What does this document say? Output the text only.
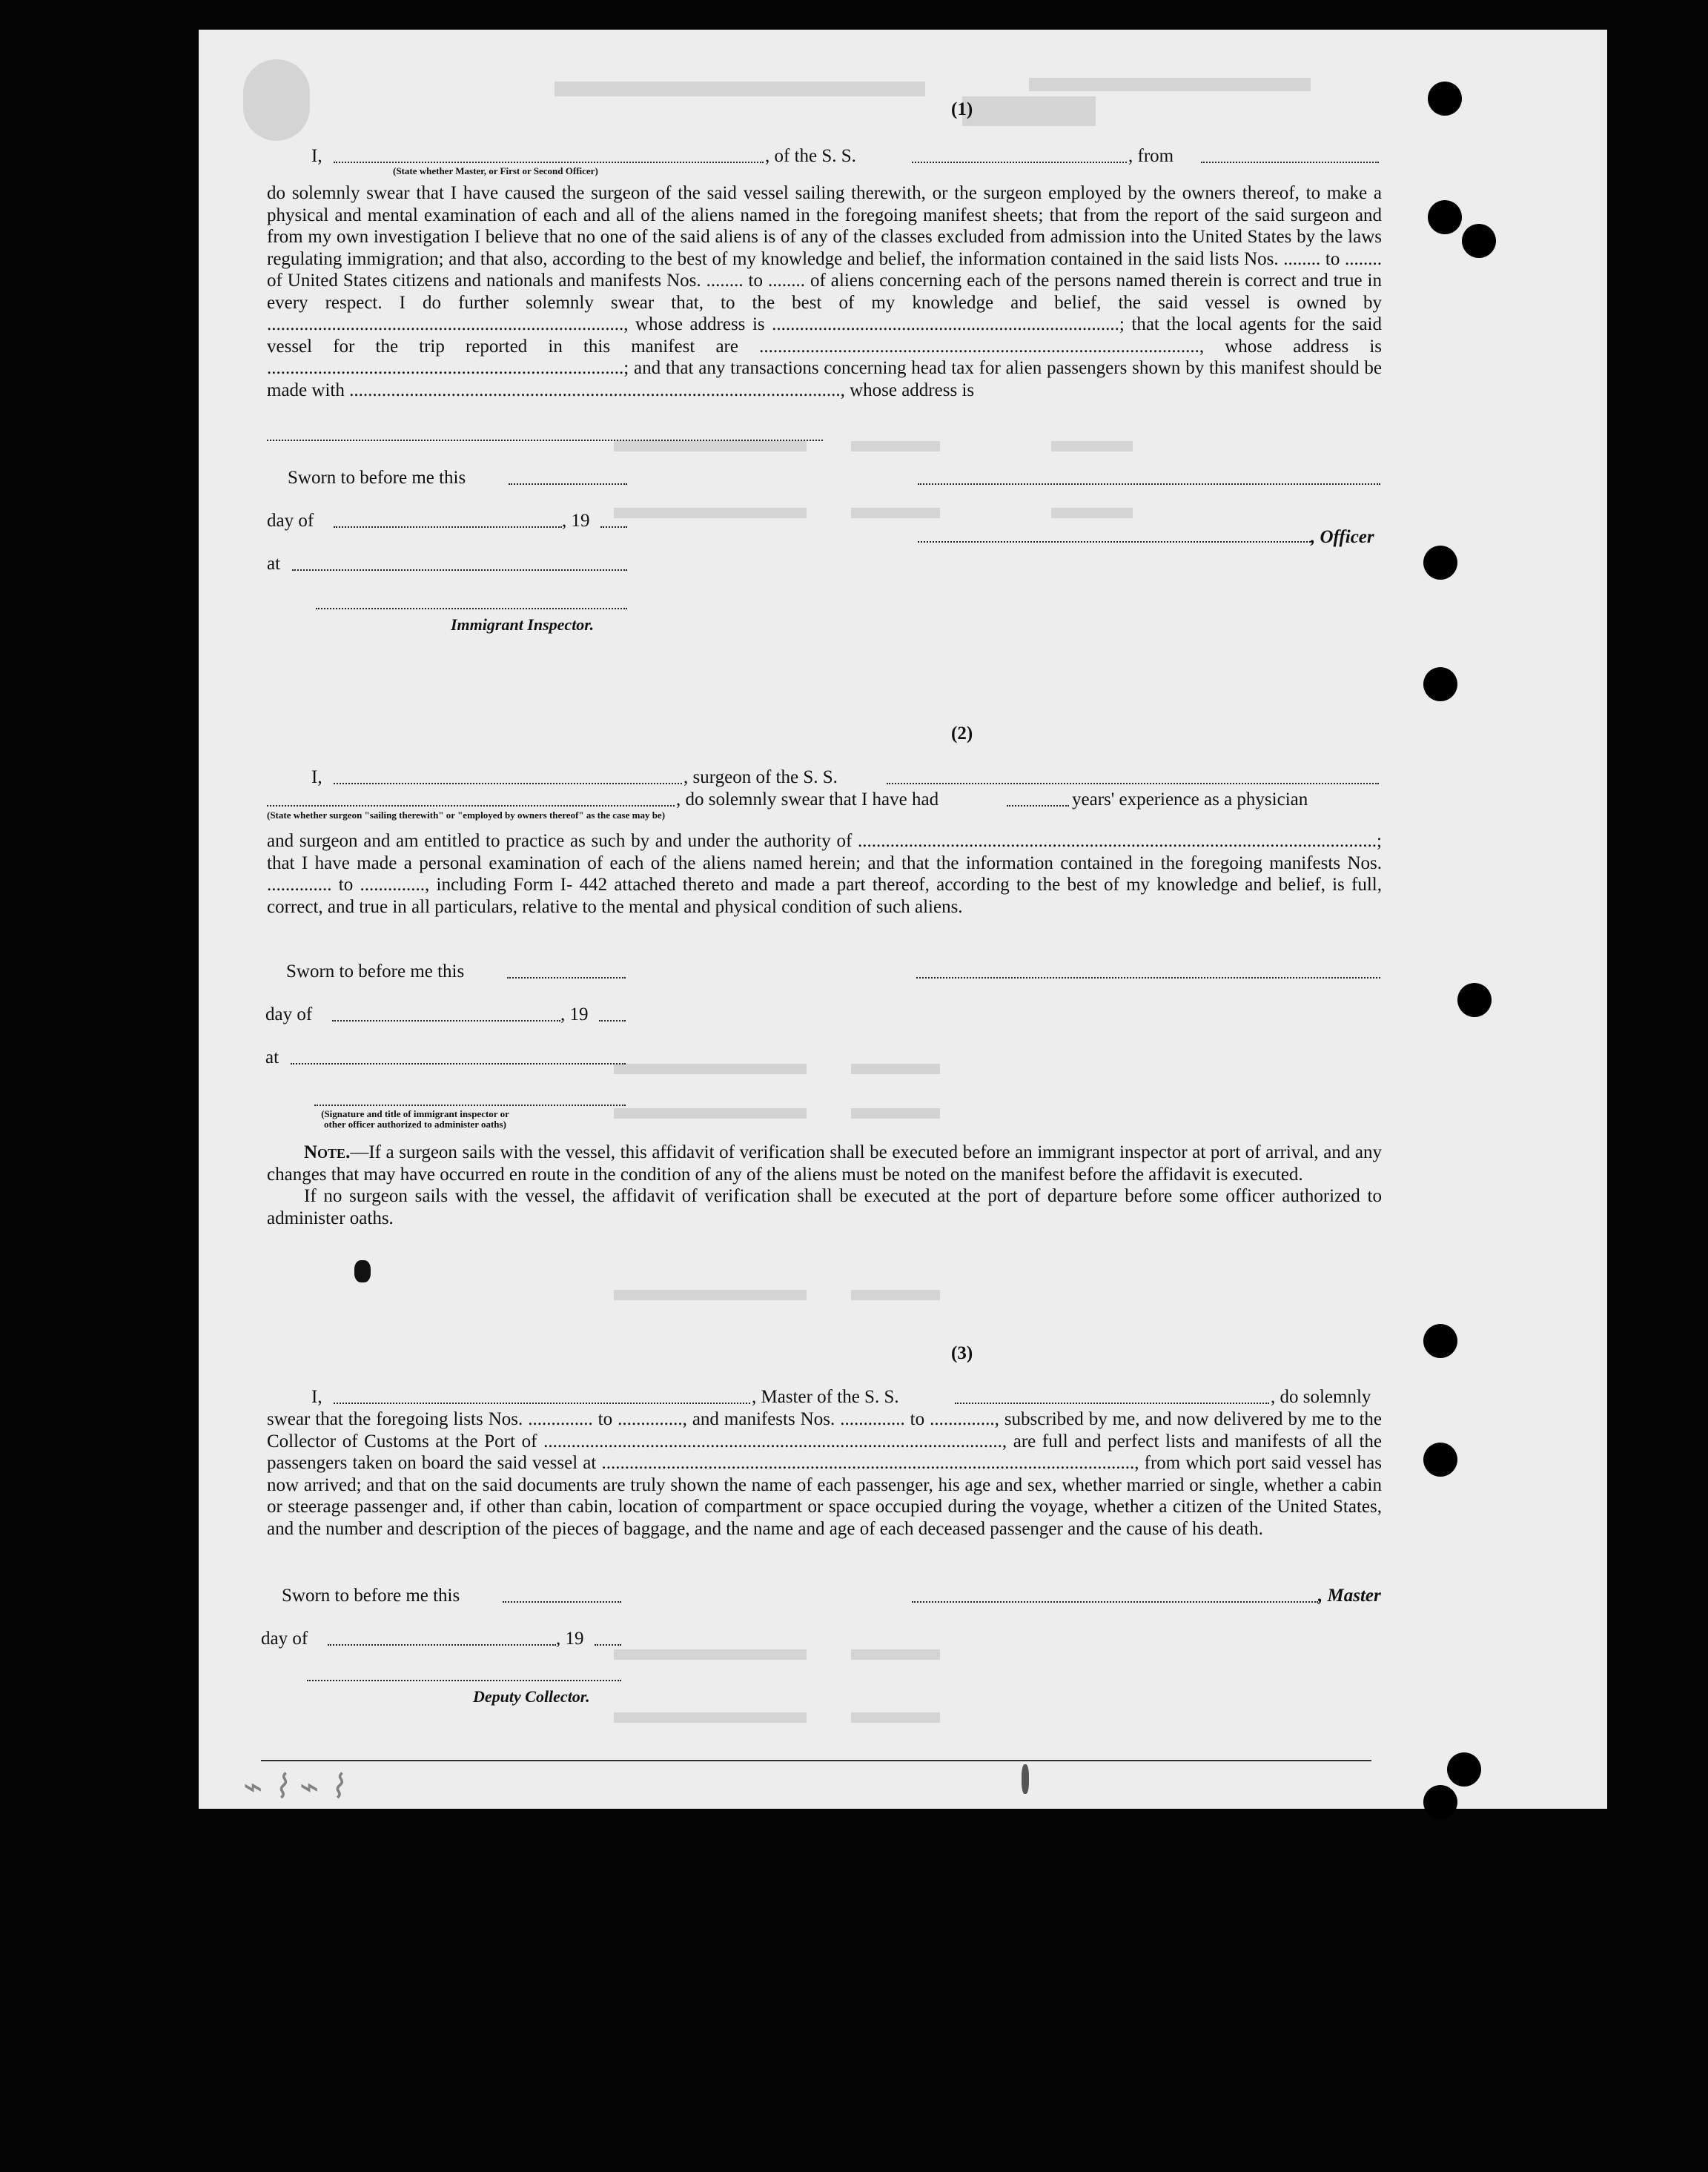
(1)
I,	, of the S. S.	, from
(State whether Master, or First or Second Officer)

do solemnly swear that I have caused the surgeon of the said vessel sailing therewith, or the surgeon employed by the owners thereof, to make a physical and mental examination of each and all of the aliens named in the foregoing manifest sheets; that from the report of the said surgeon and from my own investigation I believe that no one of the said aliens is of any of the classes excluded from admission into the United States by the laws regulating immigration; and that also, according to the best of my knowledge and belief, the information contained in the said lists Nos. ........ to ........ of United States citizens and nationals and manifests Nos. ........ to ........ of aliens concerning each of the persons named therein is correct and true in every respect. I do further solemnly swear that, to the best of my knowledge and belief, the said vessel is owned by ............................................................................., whose address is ...........................................................................; that the local agents for the said vessel for the trip reported in this manifest are ..............................................................................................., whose address is .............................................................................; and that any transactions concerning head tax for alien passengers shown by this manifest should be made with .........................................................................................................., whose address is

Sworn to before me this
day of	, 19
, Officer
at
Immigrant Inspector.
(2)
I,	, surgeon of the S. S.
, do solemnly swear that I have had	years' experience as a physician
(State whether surgeon "sailing therewith" or "employed by owners thereof" as the case may be)

and surgeon and am entitled to practice as such by and under the authority of ................................................................................................................; that I have made a personal examination of each of the aliens named herein; and that the information contained in the foregoing manifests Nos. .............. to .............., including Form I- 442 attached thereto and made a part thereof, according to the best of my knowledge and belief, is full, correct, and true in all particulars, relative to the mental and physical condition of such aliens.

Sworn to before me this
day of	, 19
at
(Signature and title of immigrant inspector or other officer authorized to administer oaths)

Note.—If a surgeon sails with the vessel, this affidavit of verification shall be executed before an immigrant inspector at port of arrival, and any changes that may have occurred en route in the condition of any of the aliens must be noted on the manifest before the affidavit is executed.

If no surgeon sails with the vessel, the affidavit of verification shall be executed at the port of departure before some officer authorized to administer oaths.

(3)
I,	, Master of the S. S.	, do solemnly

swear that the foregoing lists Nos. .............. to .............., and manifests Nos. .............. to .............., subscribed by me, and now delivered by me to the Collector of Customs at the Port of ..................................................................................................., are full and perfect lists and manifests of all the passengers taken on board the said vessel at ..................................................................................................................., from which port said vessel has now arrived; and that on the said documents are truly shown the name of each passenger, his age and sex, whether married or single, whether a cabin or steerage passenger and, if other than cabin, location of compartment or space occupied during the voyage, whether a citizen of the United States, and the number and description of the pieces of baggage, and the name and age of each deceased passenger and the cause of his death.

Sworn to before me this	, Master
day of	, 19
Deputy Collector.
⌁ ⌇ ⌁ ⌇
